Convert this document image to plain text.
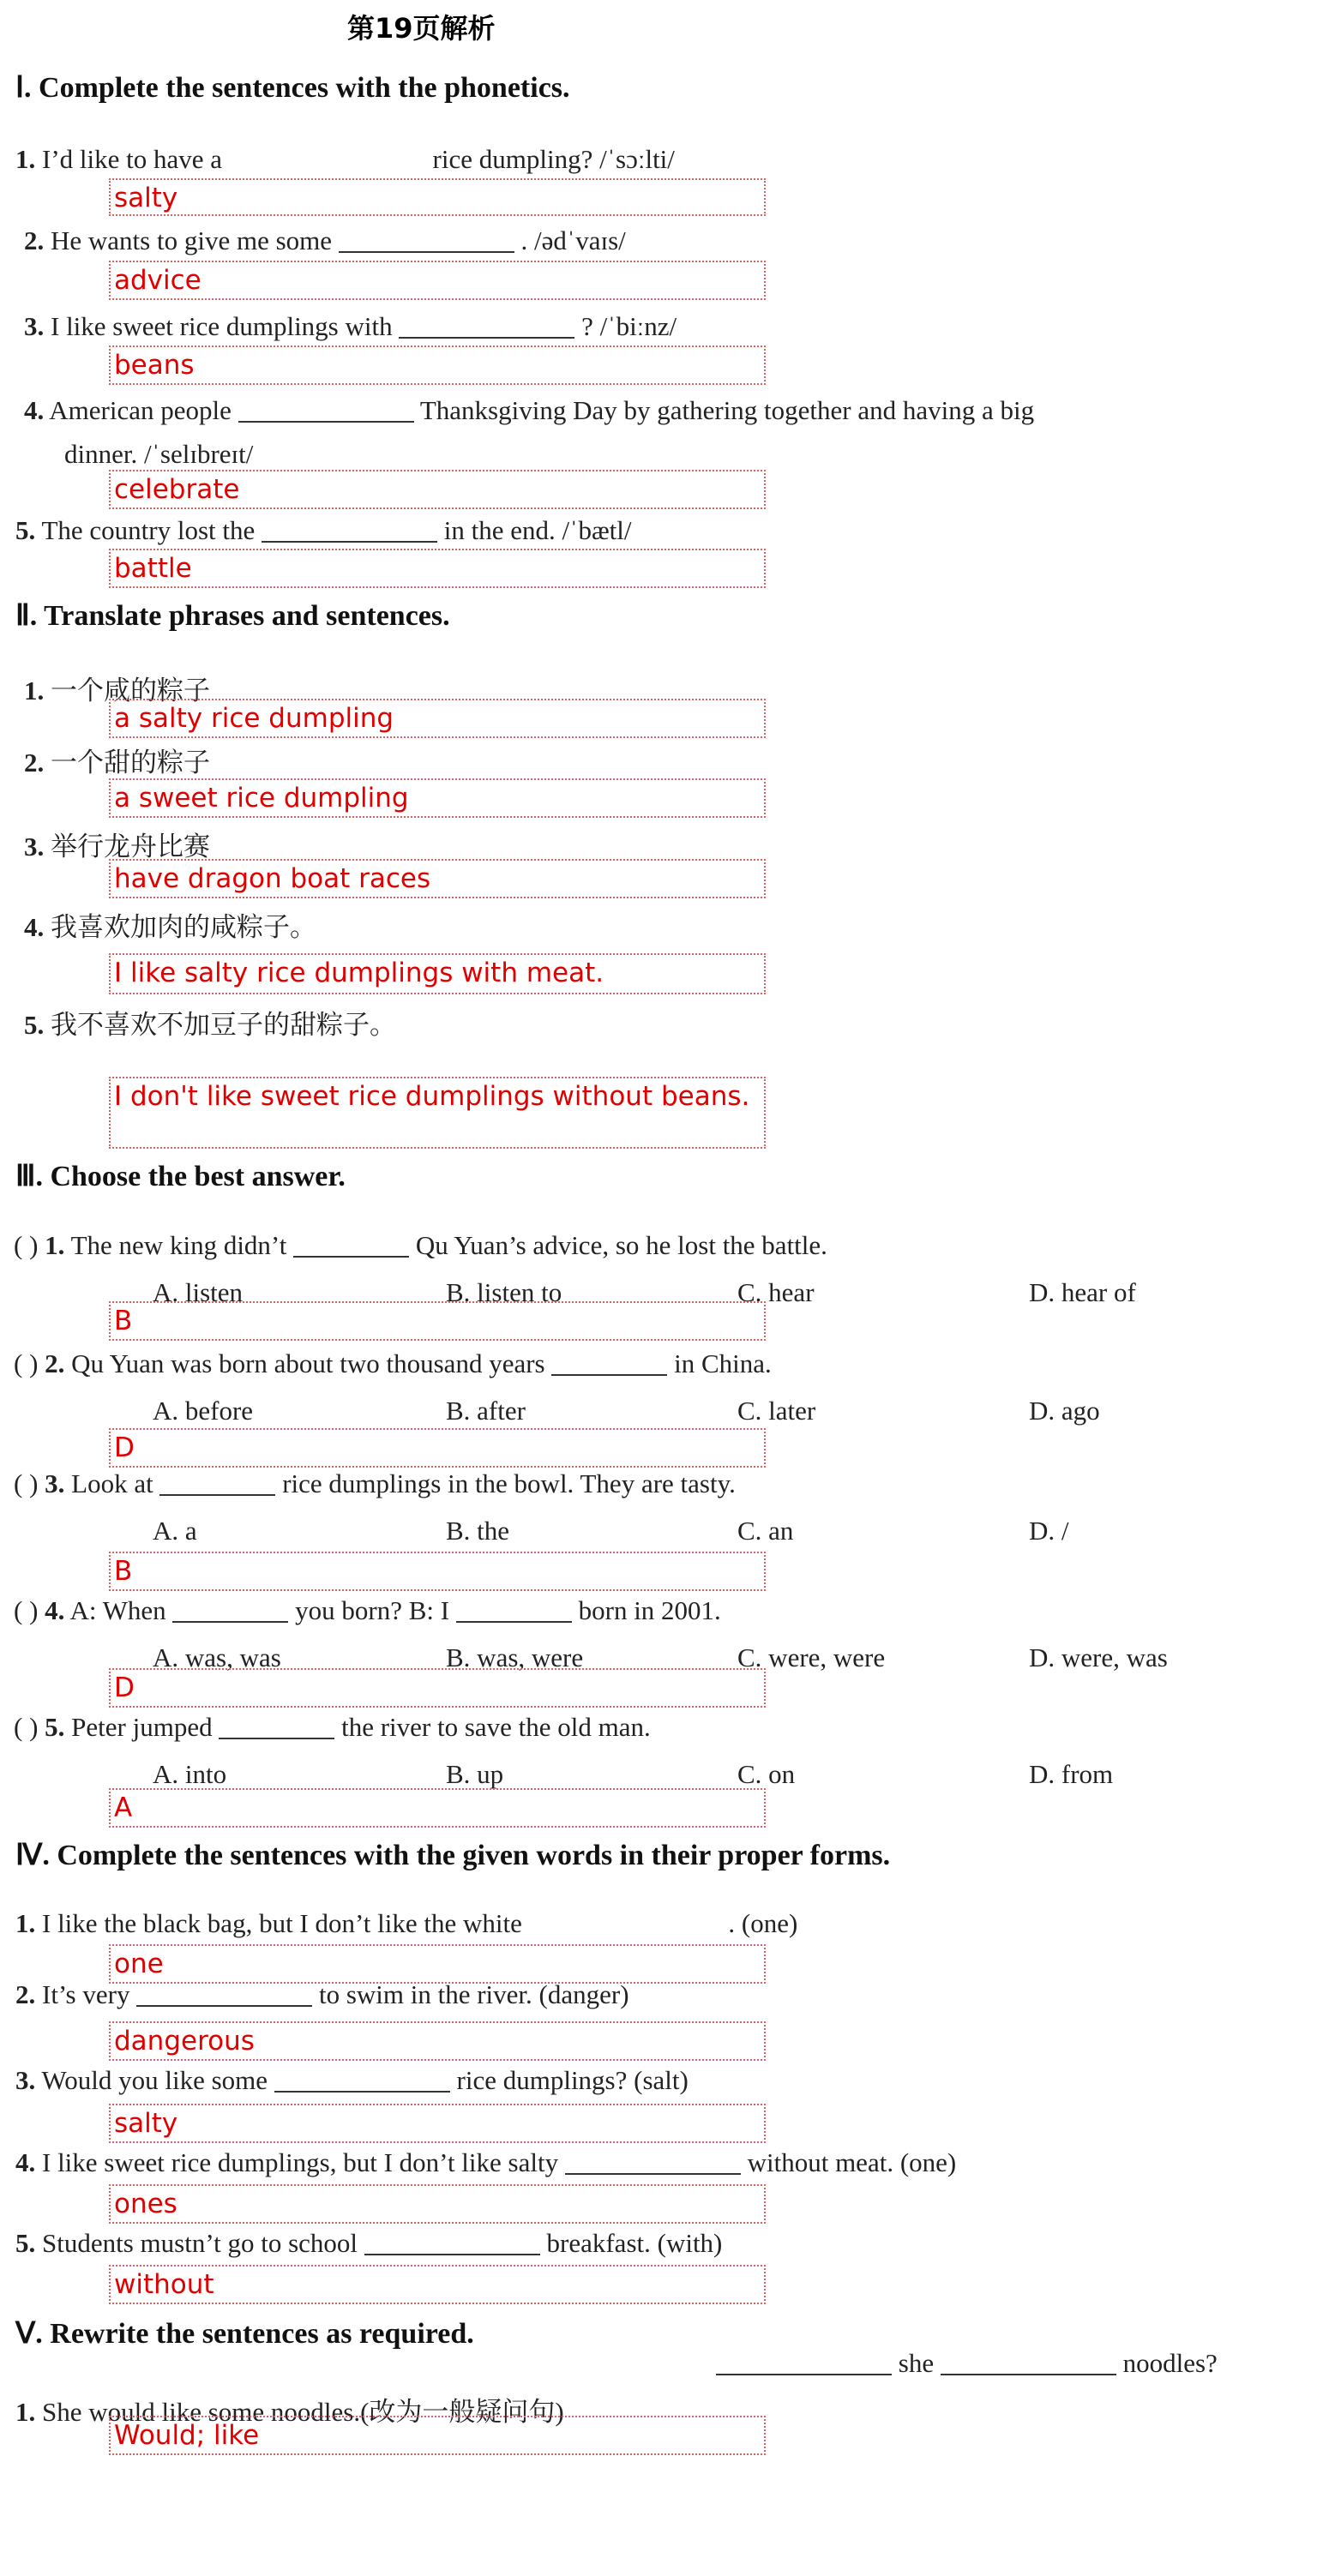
第19页解析
Ⅰ. Complete the sentences with the phonetics.
1. I’d like to have a	rice dumpling? /ˈsɔːlti/
salty
2. He wants to give me some	. /ədˈvaɪs/
advice
3. I like sweet rice dumplings with	? /ˈbiːnz/
beans
4. American people	Thanksgiving Day by gathering together and having a big
dinner. /ˈselɪbreɪt/
celebrate
5. The country lost the	in the end. /ˈbætl/
battle
Ⅱ. Translate phrases and sentences.
1. 一个咸的粽子
a salty rice dumpling
2. 一个甜的粽子
a sweet rice dumpling
3. 举行龙舟比赛
have dragon boat races
4. 我喜欢加肉的咸粽子。
I like salty rice dumplings with meat.
5. 我不喜欢不加豆子的甜粽子。
I don't like sweet rice dumplings without beans.
Ⅲ. Choose the best answer.
( ) 1. The new king didn’t	Qu Yuan’s advice, so he lost the battle.
A. listen	B. listen to	C. hear	D. hear of
B
( ) 2. Qu Yuan was born about two thousand years	in China.
A. before	B. after	C. later	D. ago
D
( ) 3. Look at	rice dumplings in the bowl. They are tasty.
A. a	B. the	C. an	D. /
B
( ) 4. A: When	you born? B: I	born in 2001.
A. was, was	B. was, were	C. were, were	D. were, was
D
( ) 5. Peter jumped	the river to save the old man.
A. into	B. up	C. on	D. from
A
Ⅳ. Complete the sentences with the given words in their proper forms.
1. I like the black bag, but I don’t like the white	. (one)
one
2. It’s very	to swim in the river. (danger)
dangerous
3. Would you like some	rice dumplings? (salt)
salty
4. I like sweet rice dumplings, but I don’t like salty	without meat. (one)
ones
5. Students mustn’t go to school	breakfast. (with)
without
Ⅴ. Rewrite the sentences as required.
she	noodles?
1. She would like some noodles.(改为一般疑问句)
Would; like
